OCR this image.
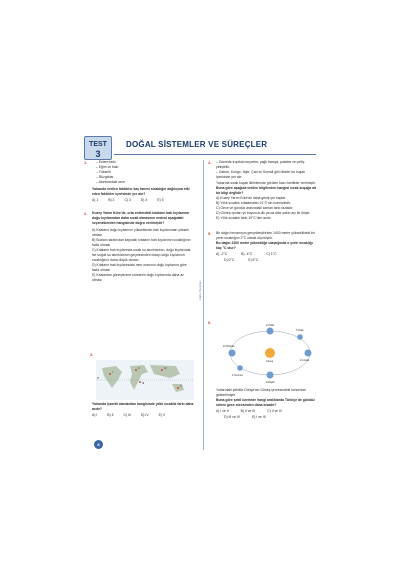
TEST
3
DOĞAL SİSTEMLER VE SÜREÇLER
1.	– Enlem farkı
– Eğim ve bakı
– Yükselti
– Rüzgârlar
– Akıntılardaki nem
Yukarıda verilen faktörler kaç tanesi sıcaklığın dağılışına etki eden faktörler içerisinde yer alır?
A) 1	B) 2	C) 3	D) 4	E) 5
2. Kuzey Yarım Küre'de, orta enlemdeki kıtaların batı kıyılarının doğu kıyılarından daha sıcak olmasının nedeni aşağıdaki seçeneklerden hangisinde doğru verilmiştir?
A) Kıtaların doğu kıyılarının yükseltisinin batı kıyılarından yüksek olması
B) Buzlanı tarafından kaynaklı kıtaların batı kıyılarının sıcaklığının farklı olması
C) Kıtaların batı kıyılarında sıcak su akıntılarının, doğu kıyılarında ise soğuk su akıntılarının geçmesinden dolayı doğu kıyılarının sıcaklığının daha düşük olması
D) Kıtaların batı kıyılarındaki nem oranının doğu kıyılarına göre fazla olması
E) Kıtalardan güneşlenme süresinin doğu kıyılarında daha az olması
3.
I
II
III
IV
V
0°
Yukarıda işaretli alanlardan hangisinde yıllık sıcaklık farkı daha azdır?
A) I	B) II	C) III	D) IV	E) V
8
Zafer Yayınları
4. – Genelde tropikal meyveler, yağlı bamya, patates ve çeltiç yetiştirilir.
– Gabon, Kongo, Nijer, Çad ve Somali gibi ülkeler bu kuşak içerisinde yer alır.
Yukarıda sıcak kuşak iklimlerinde görülen bazı özellikler verilmiştir.
Buna göre aşağıda verilen bilgilerden hangisi sıcak kuşağa ait bir bilgi değildir?
A) Kuzey Yarım Küre'de daha geniş yer kaplar.
B) Yıllık sıcaklık ortalamaları 21°C'nin üzerindedir.
C) Gece ve gündüz arasındaki zaman farkı fazladır.
D) Güneş ışınları yıl boyunca dik ya da dike yakın açı ile düşer.
E) Yıllık sıcaklık farkı 10°C'den azdır.
5. Bir dağın tırmanışını gerçekleştirirken 1400 metre yükseklikteki bir yerin sıcaklığını 2°C olarak ölçmüştür.
Bu dağın 2200 metre yüksekliğe ulaştığında o yerin sıcaklığı kaç °C olur?
A) -2°C	B) -4°C	C) 1°C
D) 0°C	E) 6°C
6.
Güneş
21 Mart
21 Haziran
3 Ocak
21 Aralık
23 Eylül
4 Temmuz
Yukarıdaki şekilde Dünya'nın Güneş çevresindeki konumları gösterilmiştir.
Buna göre şekil üzerinde hangi aralıklarda Türkiye'de gündüz süresi gece süresinden daha kısadır?
A) I ve II	B) II ve III	C) II ve IV
D) III ve IV	E) I ve III
